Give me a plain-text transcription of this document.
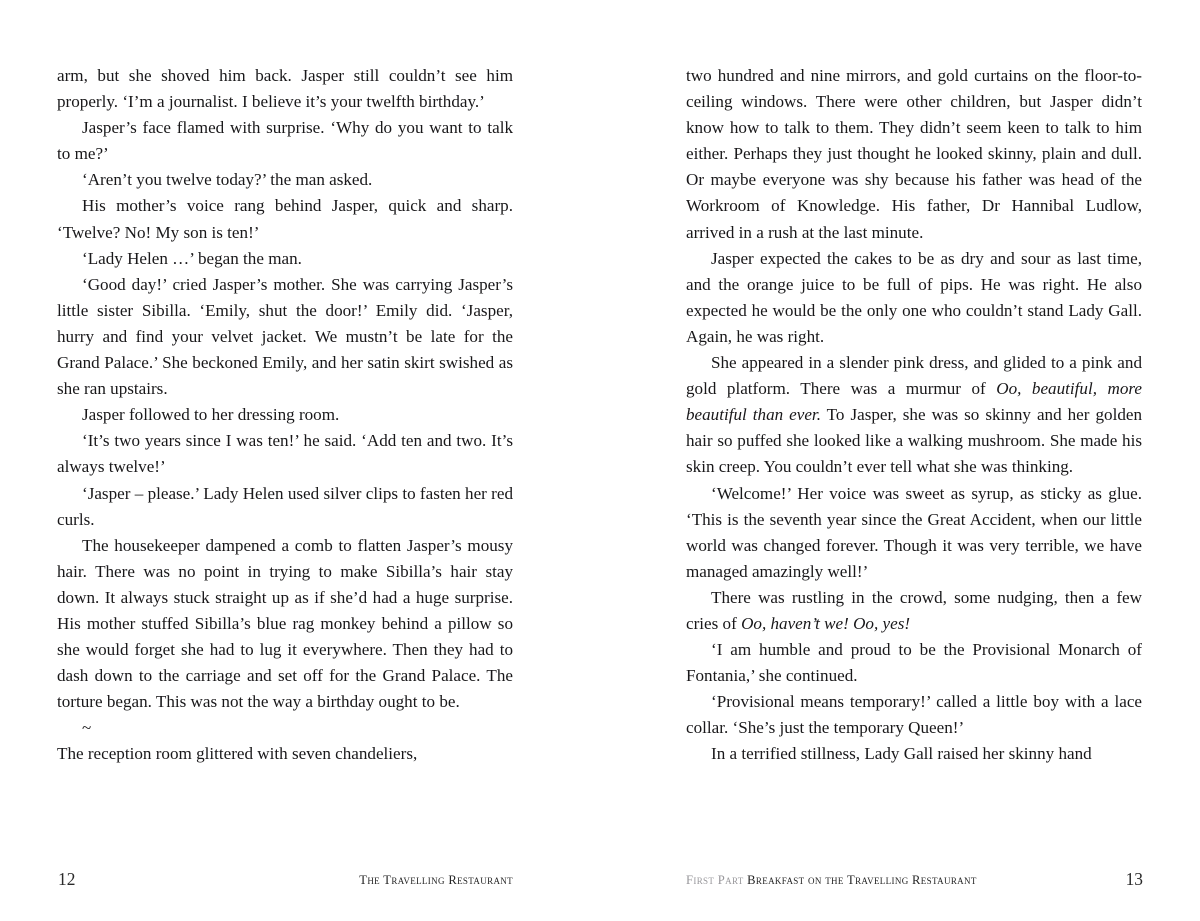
arm, but she shoved him back. Jasper still couldn’t see him properly. ‘I’m a journalist. I believe it’s your twelfth birthday.’

Jasper’s face flamed with surprise. ‘Why do you want to talk to me?’

‘Aren’t you twelve today?’ the man asked.

His mother’s voice rang behind Jasper, quick and sharp. ‘Twelve? No! My son is ten!’

‘Lady Helen …’ began the man.

‘Good day!’ cried Jasper’s mother. She was carrying Jasper’s little sister Sibilla. ‘Emily, shut the door!’ Emily did. ‘Jasper, hurry and find your velvet jacket. We mustn’t be late for the Grand Palace.’ She beckoned Emily, and her satin skirt swished as she ran upstairs.

Jasper followed to her dressing room.

‘It’s two years since I was ten!’ he said. ‘Add ten and two. It’s always twelve!’

‘Jasper – please.’ Lady Helen used silver clips to fasten her red curls.

The housekeeper dampened a comb to flatten Jasper’s mousy hair. There was no point in trying to make Sibilla’s hair stay down. It always stuck straight up as if she’d had a huge surprise. His mother stuffed Sibilla’s blue rag monkey behind a pillow so she would forget she had to lug it everywhere. Then they had to dash down to the carriage and set off for the Grand Palace. The torture began. This was not the way a birthday ought to be.

~

The reception room glittered with seven chandeliers,

12	The Travelling Restaurant

two hundred and nine mirrors, and gold curtains on the floor-to-ceiling windows. There were other children, but Jasper didn’t know how to talk to them. They didn’t seem keen to talk to him either. Perhaps they just thought he looked skinny, plain and dull. Or maybe everyone was shy because his father was head of the Workroom of Knowledge. His father, Dr Hannibal Ludlow, arrived in a rush at the last minute.

Jasper expected the cakes to be as dry and sour as last time, and the orange juice to be full of pips. He was right. He also expected he would be the only one who couldn’t stand Lady Gall. Again, he was right.

She appeared in a slender pink dress, and glided to a pink and gold platform. There was a murmur of Oo, beautiful, more beautiful than ever. To Jasper, she was so skinny and her golden hair so puffed she looked like a walking mushroom. She made his skin creep. You couldn’t ever tell what she was thinking.

‘Welcome!’ Her voice was sweet as syrup, as sticky as glue. ‘This is the seventh year since the Great Accident, when our little world was changed forever. Though it was very terrible, we have managed amazingly well!’

There was rustling in the crowd, some nudging, then a few cries of Oo, haven’t we! Oo, yes!

‘I am humble and proud to be the Provisional Monarch of Fontania,’ she continued.

‘Provisional means temporary!’ called a little boy with a lace collar. ‘She’s just the temporary Queen!’

In a terrified stillness, Lady Gall raised her skinny hand

First Part Breakfast on the Travelling Restaurant	13
